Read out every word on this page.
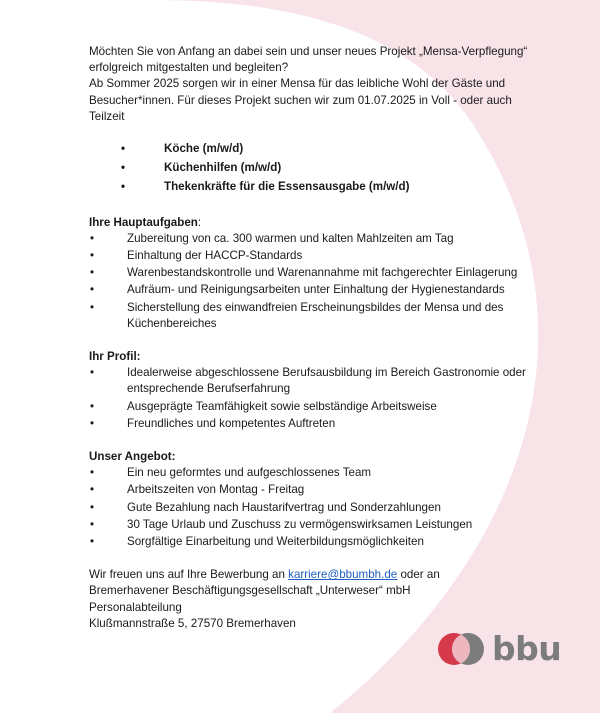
Möchten Sie von Anfang an dabei sein und unser neues Projekt „Mensa-Verpflegung“ erfolgreich mitgestalten und begleiten?

Ab Sommer 2025 sorgen wir in einer Mensa für das leibliche Wohl der Gäste und Besucher*innen. Für dieses Projekt suchen wir zum 01.07.2025 in Voll - oder auch Teilzeit

•	Köche (m/w/d)
•	Küchenhilfen (m/w/d)
•	Thekenkräfte für die Essensausgabe (m/w/d)

Ihre Hauptaufgaben:

•	Zubereitung von ca. 300 warmen und kalten Mahlzeiten am Tag
•	Einhaltung der HACCP-Standards
•	Warenbestandskontrolle und Warenannahme mit fachgerechter Einlagerung
•	Aufräum- und Reinigungsarbeiten unter Einhaltung der Hygienestandards
•	Sicherstellung des einwandfreien Erscheinungsbildes der Mensa und des Küchenbereiches

Ihr Profil:

•	Idealerweise abgeschlossene Berufsausbildung im Bereich Gastronomie oder entsprechende Berufserfahrung
•	Ausgeprägte Teamfähigkeit sowie selbständige Arbeitsweise
•	Freundliches und kompetentes Auftreten

Unser Angebot:

•	Ein neu geformtes und aufgeschlossenes Team
•	Arbeitszeiten von Montag - Freitag
•	Gute Bezahlung nach Haustarifvertrag und Sonderzahlungen
•	30 Tage Urlaub und Zuschuss zu vermögenswirksamen Leistungen
•	Sorgfältige Einarbeitung und Weiterbildungsmöglichkeiten

Wir freuen uns auf Ihre Bewerbung an karriere@bbumbh.de oder an

Bremerhavener Beschäftigungsgesellschaft „Unterweser“ mbH

Personalabteilung

Klußmannstraße 5, 27570 Bremerhaven

bbu
